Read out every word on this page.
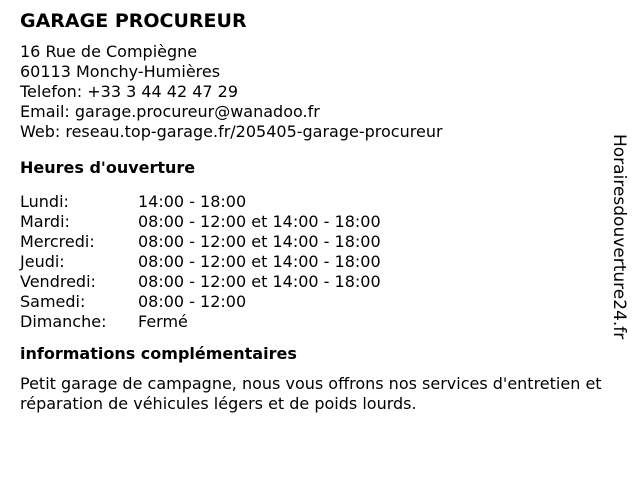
GARAGE PROCUREUR
16 Rue de Compiègne
60113 Monchy-Humières
Telefon: +33 3 44 42 47 29
Email: garage.procureur@wanadoo.fr
Web: reseau.top-garage.fr/205405-garage-procureur
Heures d'ouverture
Lundi:	14:00 - 18:00
Mardi:	08:00 - 12:00 et 14:00 - 18:00
Mercredi:	08:00 - 12:00 et 14:00 - 18:00
Jeudi:	08:00 - 12:00 et 14:00 - 18:00
Vendredi:	08:00 - 12:00 et 14:00 - 18:00
Samedi:	08:00 - 12:00
Dimanche: Fermé
informations complémentaires
Petit garage de campagne, nous vous offrons nos services d'entretien et réparation de véhicules légers et de poids lourds.
Horairesdouverture24.fr
